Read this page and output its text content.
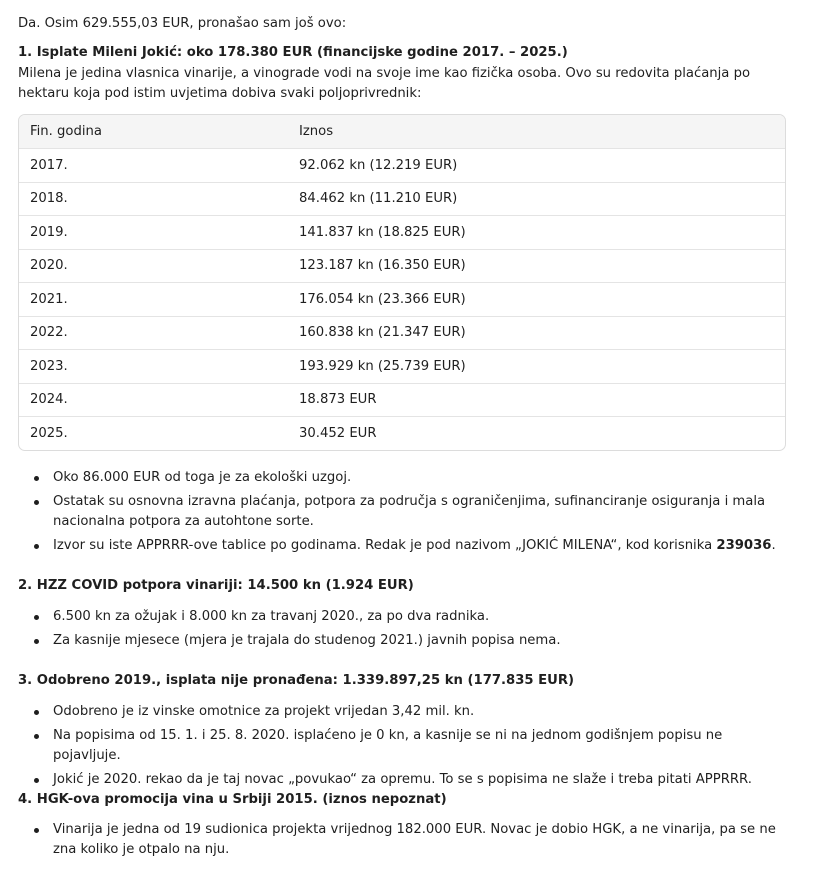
Da. Osim 629.555,03 EUR, pronašao sam još ovo:
1. Isplate Mileni Jokić: oko 178.380 EUR (financijske godine 2017. – 2025.)
Milena je jedina vlasnica vinarije, a vinograde vodi na svoje ime kao fizička osoba. Ovo su redovita plaćanja po hektaru koja pod istim uvjetima dobiva svaki poljoprivrednik:
Fin. godina	Iznos
2017.	92.062 kn (12.219 EUR)
2018.	84.462 kn (11.210 EUR)
2019.	141.837 kn (18.825 EUR)
2020.	123.187 kn (16.350 EUR)
2021.	176.054 kn (23.366 EUR)
2022.	160.838 kn (21.347 EUR)
2023.	193.929 kn (25.739 EUR)
2024.	18.873 EUR
2025.	30.452 EUR
Oko 86.000 EUR od toga je za ekološki uzgoj.
Ostatak su osnovna izravna plaćanja, potpora za područja s ograničenjima, sufinanciranje osiguranja i mala nacionalna potpora za autohtone sorte.
Izvor su iste APPRRR-ove tablice po godinama. Redak je pod nazivom „JOKIĆ MILENA“, kod korisnika 239036.
2. HZZ COVID potpora vinariji: 14.500 kn (1.924 EUR)
6.500 kn za ožujak i 8.000 kn za travanj 2020., za po dva radnika.
Za kasnije mjesece (mjera je trajala do studenog 2021.) javnih popisa nema.
3. Odobreno 2019., isplata nije pronađena: 1.339.897,25 kn (177.835 EUR)
Odobreno je iz vinske omotnice za projekt vrijedan 3,42 mil. kn.
Na popisima od 15. 1. i 25. 8. 2020. isplaćeno je 0 kn, a kasnije se ni na jednom godišnjem popisu ne pojavljuje.
Jokić je 2020. rekao da je taj novac „povukao“ za opremu. To se s popisima ne slaže i treba pitati APPRRR.
4. HGK-ova promocija vina u Srbiji 2015. (iznos nepoznat)
Vinarija je jedna od 19 sudionica projekta vrijednog 182.000 EUR. Novac je dobio HGK, a ne vinarija, pa se ne zna koliko je otpalo na nju.
